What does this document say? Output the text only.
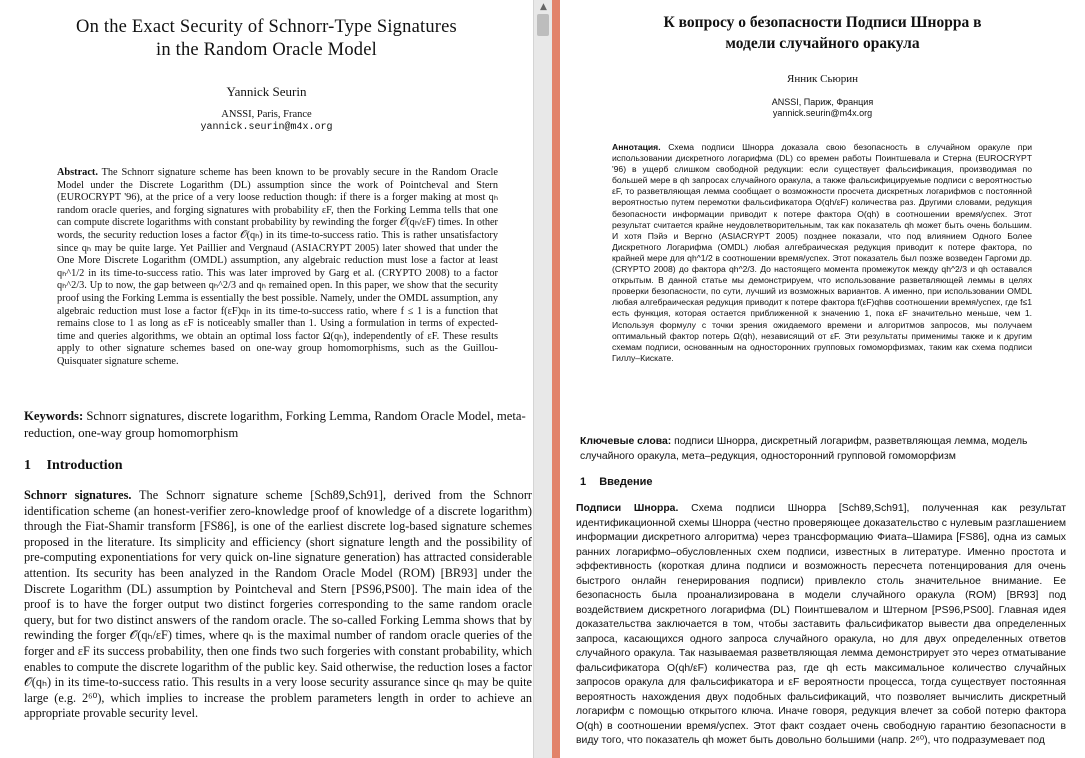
On the Exact Security of Schnorr-Type Signatures
in the Random Oracle Model
Yannick Seurin
ANSSI, Paris, France
yannick.seurin@m4x.org
Abstract. The Schnorr signature scheme has been known to be provably secure in the Random Oracle Model under the Discrete Logarithm (DL) assumption since the work of Pointcheval and Stern (EUROCRYPT '96), at the price of a very loose reduction though: if there is a forger making at most qₕ random oracle queries, and forging signatures with probability εF, then the Forking Lemma tells that one can compute discrete logarithms with constant probability by rewinding the forger 𝒪(qₕ/εF) times. In other words, the security reduction loses a factor 𝒪(qₕ) in its time-to-success ratio. This is rather unsatisfactory since qₕ may be quite large. Yet Paillier and Vergnaud (ASIACRYPT 2005) later showed that under the One More Discrete Logarithm (OMDL) assumption, any algebraic reduction must lose a factor at least qₕ^1/2 in its time-to-success ratio. This was later improved by Garg et al. (CRYPTO 2008) to a factor qₕ^2/3. Up to now, the gap between qₕ^2/3 and qₕ remained open. In this paper, we show that the security proof using the Forking Lemma is essentially the best possible. Namely, under the OMDL assumption, any algebraic reduction must lose a factor f(εF)qₕ in its time-to-success ratio, where f ≤ 1 is a function that remains close to 1 as long as εF is noticeably smaller than 1. Using a formulation in terms of expected-time and queries algorithms, we obtain an optimal loss factor Ω(qₕ), independently of εF. These results apply to other signature schemes based on one-way group homomorphisms, such as the Guillou-Quisquater signature scheme.
Keywords: Schnorr signatures, discrete logarithm, Forking Lemma, Random Oracle Model, meta-reduction, one-way group homomorphism
1 Introduction
Schnorr signatures. The Schnorr signature scheme [Sch89,Sch91], derived from the Schnorr identification scheme (an honest-verifier zero-knowledge proof of knowledge of a discrete logarithm) through the Fiat-Shamir transform [FS86], is one of the earliest discrete log-based signature schemes proposed in the literature. Its simplicity and efficiency (short signature length and the possibility of pre-computing exponentiations for very quick on-line signature generation) has attracted considerable attention. Its security has been analyzed in the Random Oracle Model (ROM) [BR93] under the Discrete Logarithm (DL) assumption by Pointcheval and Stern [PS96,PS00]. The main idea of the proof is to have the forger output two distinct forgeries corresponding to the same random oracle query, but for two distinct answers of the random oracle. The so-called Forking Lemma shows that by rewinding the forger 𝒪(qₕ/εF) times, where qₕ is the maximal number of random oracle queries of the forger and εF its success probability, then one finds two such forgeries with constant probability, which enables to compute the discrete logarithm of the public key. Said otherwise, the reduction loses a factor 𝒪(qₕ) in its time-to-success ratio. This results in a very loose security assurance since qₕ may be quite large (e.g. 2⁶⁰), which implies to increase the problem parameters length in order to achieve an appropriate provable security level.
▲
К вопросу о безопасности Подписи Шнорра в
модели случайного оракула
Янник Сьюрин
ANSSI, Париж, Франция
yannick.seurin@m4x.org
Аннотация. Схема подписи Шнорра доказала свою безопасность в случайном оракуле при использовании дискретного логарифма (DL) со времен работы Поинтшевала и Стерна (EUROCRYPT '96) в ущерб слишком свободной редукции: если существует фальсификация, производимая по большей мере в qh запросах случайного оракула, а также фальсифицируемые подписи с вероятностью εF, то разветвляющая лемма сообщает о возможности просчета дискретных логарифмов с постоянной вероятностью путем перемотки фальсификатора O(qh/εF) количества раз. Другими словами, редукция безопасности информации приводит к потере фактора O(qh) в соотношении время/успех. Этот результат считается крайне неудовлетворительным, так как показатель qh может быть очень большим. И хотя Пэйэ и Вергно (ASIACRYPT 2005) позднее показали, что под влиянием Одного Более Дискретного Логарифма (OMDL) любая алгебраическая редукция приводит к потере фактора, по крайней мере для qh^1/2 в соотношении время/успех. Этот показатель был позже возведен Гаргоми др. (CRYPTO 2008) до фактора qh^2/3. До настоящего момента промежуток между qh^2/3 и qh оставался открытым. В данной статье мы демонстрируем, что использование разветвляющей леммы в целях проверки безопасности, по сути, лучший из возможных вариантов. А именно, при использовании OMDL любая алгебраическая редукция приводит к потере фактора f(εF)qhвв соотношении время/успех, где f≤1 есть функция, которая остается приближенной к значению 1, пока εF значительно меньше, чем 1. Используя формулу с точки зрения ожидаемого времени и алгоритмов запросов, мы получаем оптимальный фактор потерь Ω(qh), независящий от εF. Эти результаты применимы также и к другим схемам подписи, основанным на односторонних групповых гомоморфизмах, таким как схема подписи Гиллу–Кискате.
Ключевые слова: подписи Шнорра, дискретный логарифм, разветвляющая лемма, модель случайного оракула, мета–редукция, односторонний групповой гомоморфизм
1 Введение
Подписи Шнорра. Схема подписи Шнорра [Sch89,Sch91], полученная как результат идентификационной схемы Шнорра (честно проверяющее доказательство с нулевым разглашением информации дискретного алгоритма) через трансформацию Фиата–Шамира [FS86], одна из самых ранних логарифмо–обусловленных схем подписи, известных в литературе. Именно простота и эффективность (короткая длина подписи и возможность пересчета потенцирования для очень быстрого онлайн генерирования подписи) привлекло столь значительное внимание. Ее безопасность была проанализирована в модели случайного оракула (ROM) [BR93] под воздействием дискретного логарифма (DL) Поинтшевалом и Штерном [PS96,PS00]. Главная идея доказательства заключается в том, чтобы заставить фальсификатор вывести два определенных запроса, касающихся одного запроса случайного оракула, но для двух определенных ответов случайного оракула. Так называемая разветвляющая лемма демонстрирует это через отматывание фальсификатора O(qh/εF) количества раз, где qh есть максимальное количество случайных запросов оракула для фальсификатора и εF вероятности процесса, тогда существует постоянная вероятность нахождения двух подобных фальсификаций, что позволяет вычислить дискретный логарифм с помощью открытого ключа. Иначе говоря, редукция влечет за собой потерю фактора O(qh) в соотношении время/успех. Этот факт создает очень свободную гарантию безопасности в виду того, что показатель qh может быть довольно большими (напр. 2⁶⁰), что подразумевает под
